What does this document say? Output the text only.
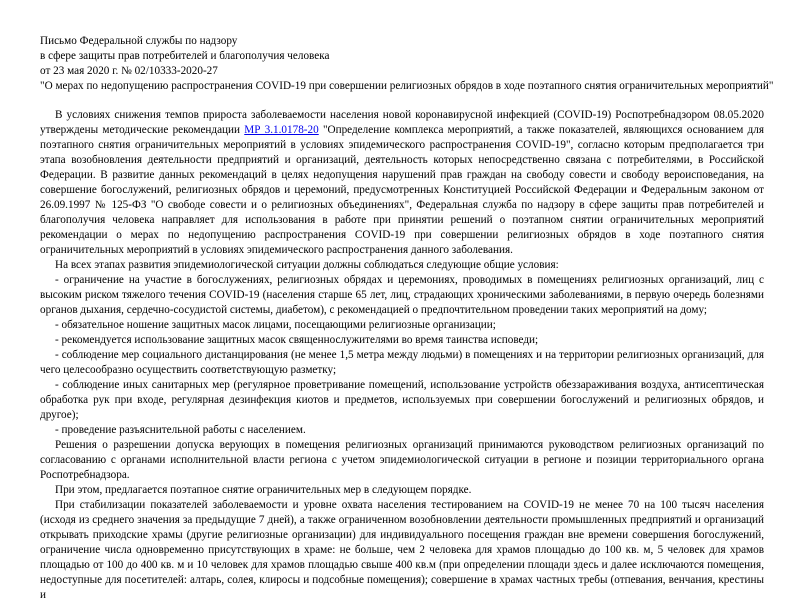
Письмо Федеральной службы по надзору

в сфере защиты прав потребителей и благополучия человека

от 23 мая 2020 г. № 02/10333-2020-27

"О мерах по недопущению распространения COVID-19 при совершении религиозных обрядов в ходе поэтапного снятия ограничительных мероприятий"

В условиях снижения темпов прироста заболеваемости населения новой коронавирусной инфекцией (COVID-19) Роспотребнадзором 08.05.2020 утверждены методические рекомендации МР 3.1.0178-20 "Определение комплекса мероприятий, а также показателей, являющихся основанием для поэтапного снятия ограничительных мероприятий в условиях эпидемического распространения COVID-19", согласно которым предполагается три этапа возобновления деятельности предприятий и организаций, деятельность которых непосредственно связана с потребителями, в Российской Федерации. В развитие данных рекомендаций в целях недопущения нарушений прав граждан на свободу совести и свободу вероисповедания, на совершение богослужений, религиозных обрядов и церемоний, предусмотренных Конституцией Российской Федерации и Федеральным законом от 26.09.1997 № 125-ФЗ "О свободе совести и о религиозных объединениях", Федеральная служба по надзору в сфере защиты прав потребителей и благополучия человека направляет для использования в работе при принятии решений о поэтапном снятии ограничительных мероприятий рекомендации о мерах по недопущению распространения COVID-19 при совершении религиозных обрядов в ходе поэтапного снятия ограничительных мероприятий в условиях эпидемического распространения данного заболевания.

На всех этапах развития эпидемиологической ситуации должны соблюдаться следующие общие условия:

- ограничение на участие в богослужениях, религиозных обрядах и церемониях, проводимых в помещениях религиозных организаций, лиц с высоким риском тяжелого течения COVID-19 (населения старше 65 лет, лиц, страдающих хроническими заболеваниями, в первую очередь болезнями органов дыхания, сердечно-сосудистой системы, диабетом), с рекомендацией о предпочтительном проведении таких мероприятий на дому;

- обязательное ношение защитных масок лицами, посещающими религиозные организации;

- рекомендуется использование защитных масок священнослужителями во время таинства исповеди;

- соблюдение мер социального дистанцирования (не менее 1,5 метра между людьми) в помещениях и на территории религиозных организаций, для чего целесообразно осуществить соответствующую разметку;

- соблюдение иных санитарных мер (регулярное проветривание помещений, использование устройств обеззараживания воздуха, антисептическая обработка рук при входе, регулярная дезинфекция киотов и предметов, используемых при совершении богослужений и религиозных обрядов, и другое);

- проведение разъяснительной работы с населением.

Решения о разрешении допуска верующих в помещения религиозных организаций принимаются руководством религиозных организаций по согласованию с органами исполнительной власти региона с учетом эпидемиологической ситуации в регионе и позиции территориального органа Роспотребнадзора.

При этом, предлагается поэтапное снятие ограничительных мер в следующем порядке.

При стабилизации показателей заболеваемости и уровне охвата населения тестированием на COVID-19 не менее 70 на 100 тысяч населения (исходя из среднего значения за предыдущие 7 дней), а также ограниченном возобновлении деятельности промышленных предприятий и организаций открывать приходские храмы (другие религиозные организации) для индивидуального посещения граждан вне времени совершения богослужений, ограничение числа одновременно присутствующих в храме: не больше, чем 2 человека для храмов площадью до 100 кв. м, 5 человек для храмов площадью от 100 до 400 кв. м и 10 человек для храмов площадью свыше 400 кв.м (при определении площади здесь и далее исключаются помещения, недоступные для посетителей: алтарь, солея, клиросы и подсобные помещения); совершение в храмах частных требы (отпевания, венчания, крестины и
